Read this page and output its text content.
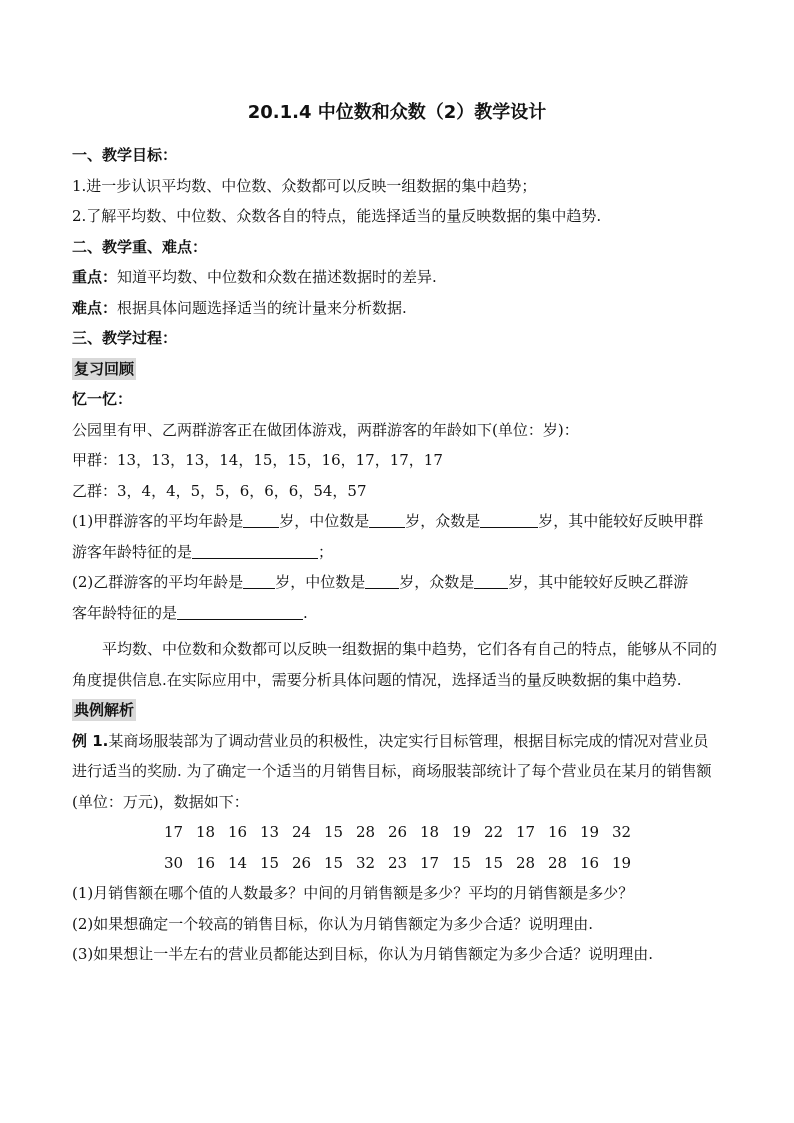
20.1.4 中位数和众数（2）教学设计
一、教学目标：
1.进一步认识平均数、中位数、众数都可以反映一组数据的集中趋势；
2.了解平均数、中位数、众数各自的特点，能选择适当的量反映数据的集中趋势.
二、教学重、难点：
重点：知道平均数、中位数和众数在描述数据时的差异.
难点：根据具体问题选择适当的统计量来分析数据.
三、教学过程：
复习回顾
忆一忆：
公园里有甲、乙两群游客正在做团体游戏，两群游客的年龄如下(单位：岁)：
甲群：13，13，13，14，15，15，16，17，17，17
乙群：3，4，4，5，5，6，6，6，54，57
(1)甲群游客的平均年龄是 岁，中位数是 岁，众数是	岁，其中能较好反映甲群
游客年龄特征的是	；
(2)乙群游客的平均年龄是 岁，中位数是 岁，众数是 岁，其中能较好反映乙群游
客年龄特征的是	.
平均数、中位数和众数都可以反映一组数据的集中趋势，它们各有自己的特点，能够从不同的角度提供信息.在实际应用中，需要分析具体问题的情况，选择适当的量反映数据的集中趋势.
典例解析
例 1.某商场服装部为了调动营业员的积极性，决定实行目标管理，根据目标完成的情况对营业员进行适当的奖励. 为了确定一个适当的月销售目标，商场服装部统计了每个营业员在某月的销售额(单位：万元)，数据如下：
17 18 16 13 24 15 28 26 18 19 22 17 16 19 32
30 16 14 15 26 15 32 23 17 15 15 28 28 16 19
(1)月销售额在哪个值的人数最多？中间的月销售额是多少？平均的月销售额是多少？
(2)如果想确定一个较高的销售目标，你认为月销售额定为多少合适？说明理由.
(3)如果想让一半左右的营业员都能达到目标，你认为月销售额定为多少合适？说明理由.
